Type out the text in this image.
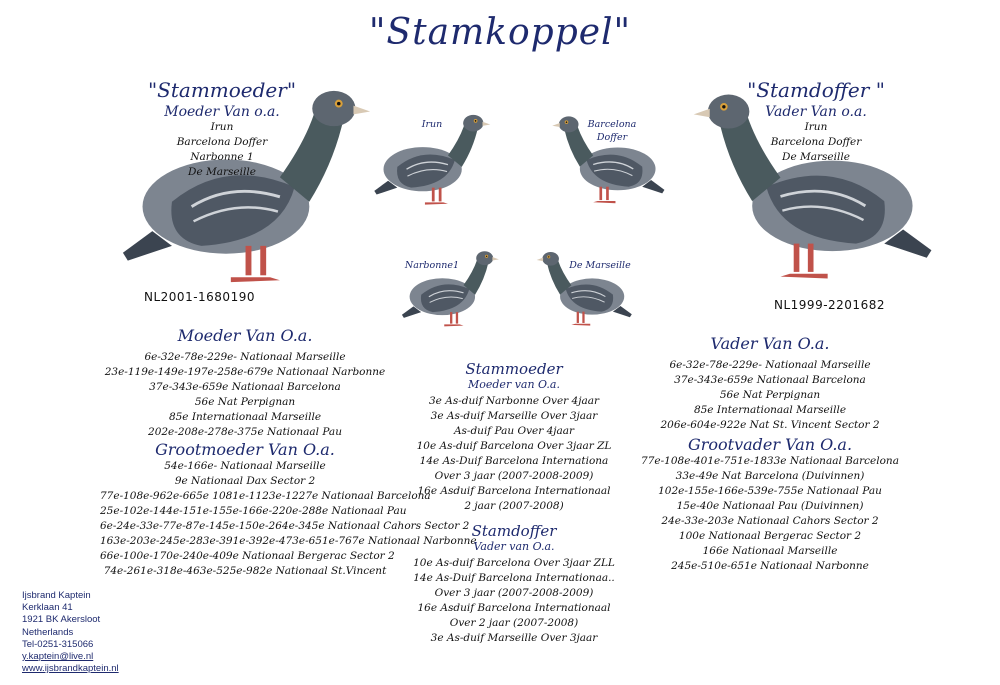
"Stamkoppel"
Irun	Barcelona
Doffer
Narbonne1	De Marseille
"Stammoeder"
Moeder Van o.a.
Irun
Barcelona Doffer
Narbonne 1
De Marseille
NL2001-1680190
"Stamdoffer "
Vader Van o.a.
Irun
Barcelona Doffer
De Marseille
NL1999-2201682
Moeder Van O.a.
6e-32e-78e-229e- Nationaal Marseille
23e-119e-149e-197e-258e-679e Nationaal Narbonne
37e-343e-659e Nationaal Barcelona
56e Nat Perpignan
85e Internationaal Marseille
202e-208e-278e-375e Nationaal Pau
Grootmoeder Van O.a.
54e-166e- Nationaal Marseille
9e Nationaal Dax Sector 2
77e-108e-962e-665e 1081e-1123e-1227e Nationaal Barcelona
25e-102e-144e-151e-155e-166e-220e-288e Nationaal Pau
6e-24e-33e-77e-87e-145e-150e-264e-345e Nationaal Cahors Sector 2
163e-203e-245e-283e-391e-392e-473e-651e-767e Nationaal Narbonne
66e-100e-170e-240e-409e Nationaal Bergerac Sector 2
74e-261e-318e-463e-525e-982e Nationaal St.Vincent
Stammoeder
Moeder van O.a.
3e As-duif Narbonne Over 4jaar
3e As-duif Marseille Over 3jaar
As-duif Pau Over 4jaar
10e As-duif Barcelona Over 3jaar ZL
14e As-Duif Barcelona Internationa
Over 3 jaar (2007-2008-2009)
16e Asduif Barcelona Internationaal
2 jaar (2007-2008)
Stamdoffer
Vader van O.a.
10e As-duif Barcelona Over 3jaar ZLL
14e As-Duif Barcelona Internationaa..
Over 3 jaar (2007-2008-2009)
16e Asduif Barcelona Internationaal
Over 2 jaar (2007-2008)
3e As-duif Marseille Over 3jaar
Vader Van O.a.
6e-32e-78e-229e- Nationaal Marseille
37e-343e-659e Nationaal Barcelona
56e Nat Perpignan
85e Internationaal Marseille
206e-604e-922e Nat St. Vincent Sector 2
Grootvader Van O.a.
77e-108e-401e-751e-1833e Nationaal Barcelona
33e-49e Nat Barcelona (Duivinnen)
102e-155e-166e-539e-755e Nationaal Pau
15e-40e Nationaal Pau (Duivinnen)
24e-33e-203e Nationaal Cahors Sector 2
100e Nationaal Bergerac Sector 2
166e Nationaal Marseille
245e-510e-651e Nationaal Narbonne
Ijsbrand Kaptein
Kerklaan 41
1921 BK Akersloot
Netherlands
Tel-0251-315066
y.kaptein@live.nl
www.ijsbrandkaptein.nl
